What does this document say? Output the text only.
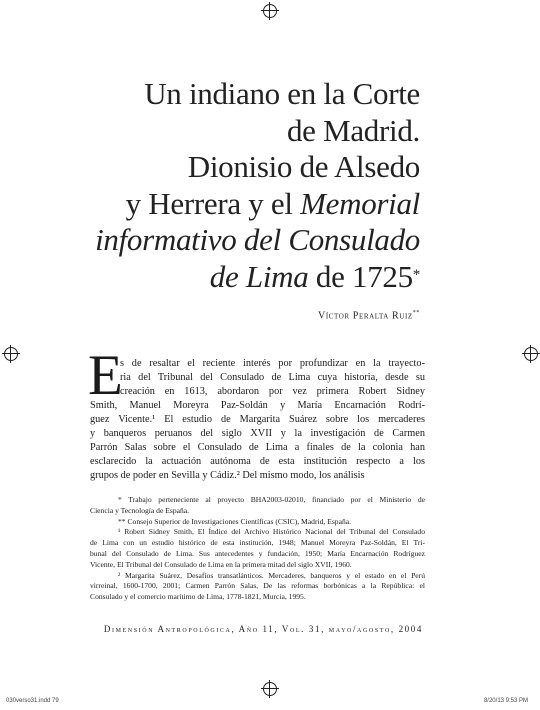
Un indiano en la Corte
de Madrid.
Dionisio de Alsedo
y Herrera y el Memorial
informativo del Consulado
de Lima de 1725*
Víctor Peralta Ruiz**
E
s de resaltar el reciente interés por profundizar en la trayecto-
ria del Tribunal del Consulado de Lima cuya historia, desde su
creación en 1613, abordaron por vez primera Robert Sidney
Smith, Manuel Moreyra Paz-Soldán y María Encarnación Rodrí-
guez Vicente.¹ El estudio de Margarita Suárez sobre los mercaderes
y banqueros peruanos del siglo XVII y la investigación de Carmen
Parrón Salas sobre el Consulado de Lima a finales de la colonia han
esclarecido la actuación autónoma de esta institución respecto a los
grupos de poder en Sevilla y Cádiz.² Del mismo modo, los análisis
* Trabajo perteneciente al proyecto BHA2003-02010, financiado por el Ministerio de
Ciencia y Tecnología de España.
** Consejo Superior de Investigaciones Científicas (CSIC), Madrid, España.
¹ Robert Sidney Smith, El Índice del Archivo Histórico Nacional del Tribunal del Consulado
de Lima con un estudio histórico de esta institución, 1948; Manuel Moreyra Paz-Soldán, El Tri-
bunal del Consulado de Lima. Sus antecedentes y fundación, 1950; María Encarnación Rodríguez
Vicente, El Tribunal del Consulado de Lima en la primera mitad del siglo XVII, 1960.
² Margarita Suárez, Desafíos transatlánticos. Mercaderes, banqueros y el estado en el Perú
virreinal, 1600-1700, 2001; Carmen Parrón Salas, De las reformas borbónicas a la República: el
Consulado y el comercio marítimo de Lima, 1778-1821, Murcia, 1995.
Dimensión Antropológica, Año 11, Vol. 31, mayo/agosto, 2004
030verso31.indd 79	8/20/13 9:53 PM
